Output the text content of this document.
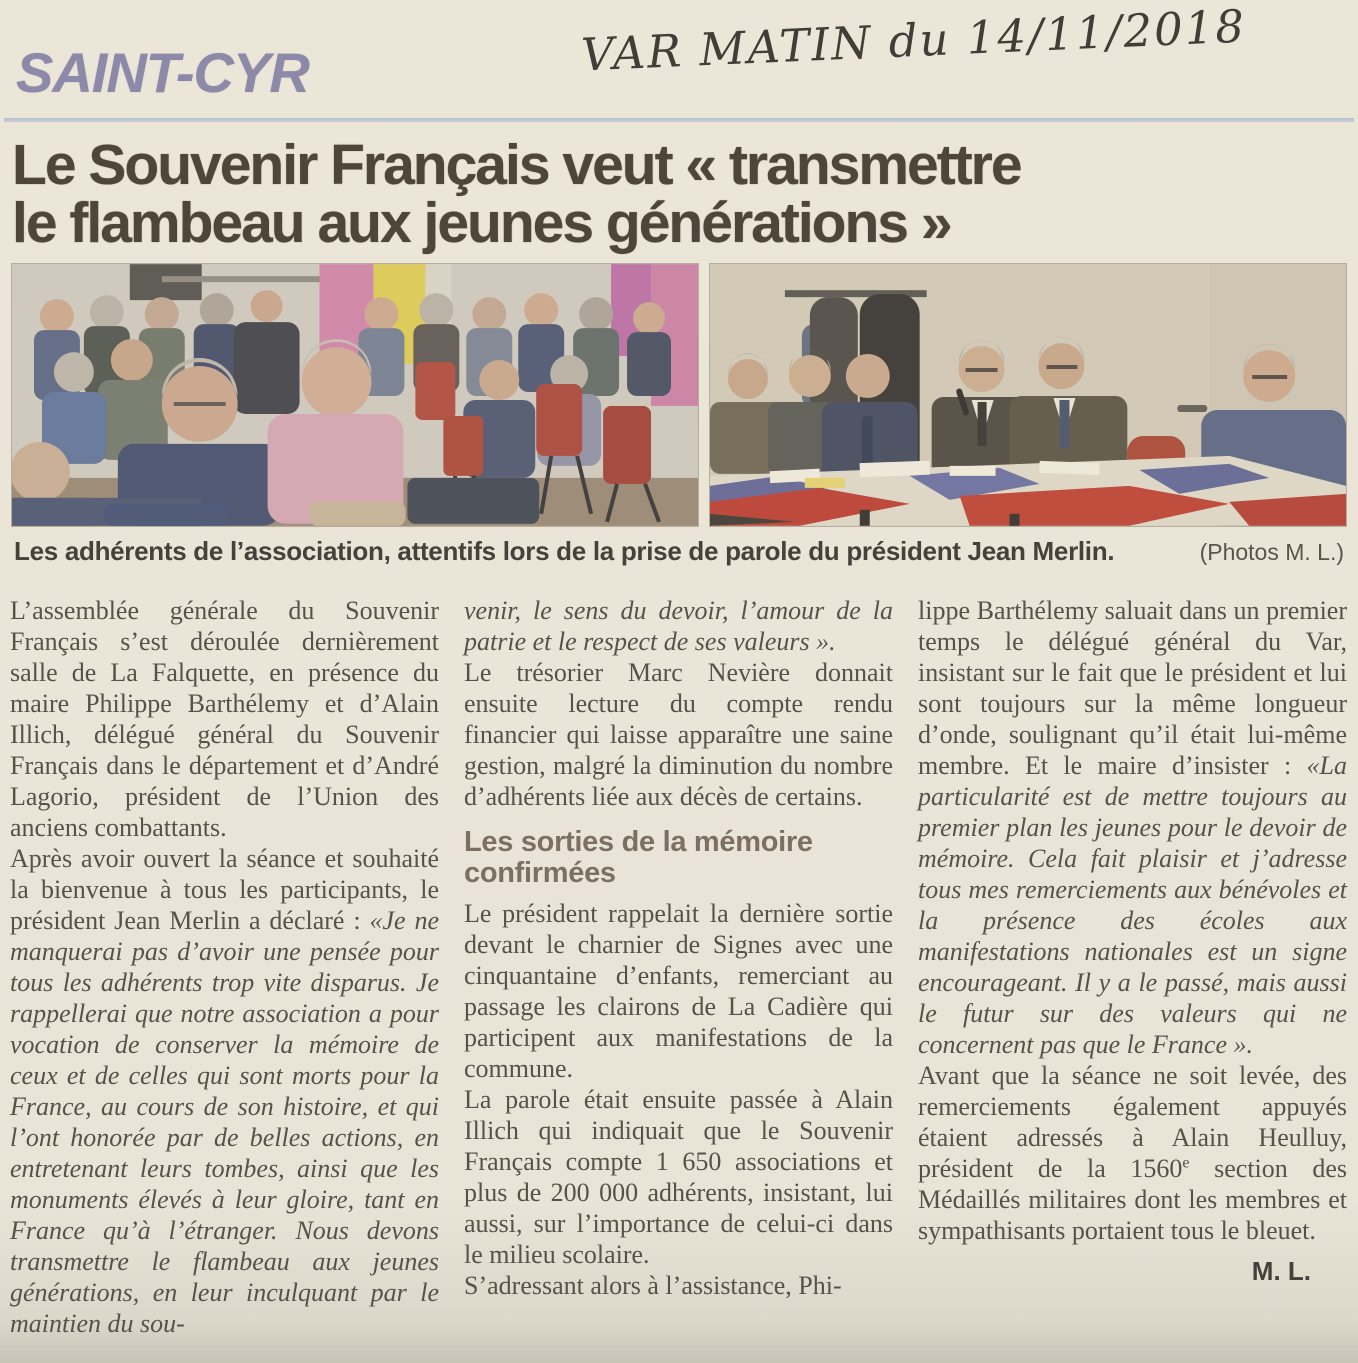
SAINT-CYR	VAR MATIN du 14/11/2018
Le Souvenir Français veut « transmettre
le flambeau aux jeunes générations »
Les adhérents de l’association, attentifs lors de la prise de parole du président Jean Merlin.	(Photos M. L.)

L’assemblée générale du Souvenir Français s’est déroulée dernièrement salle de La Falquette, en présence du maire Philippe Barthélemy et d’Alain Illich, délégué général du Souvenir Français dans le département et d’André Lagorio, président de l’Union des anciens combattants.

Après avoir ouvert la séance et souhaité la bienvenue à tous les participants, le président Jean Merlin a déclaré : «Je ne manquerai pas d’avoir une pensée pour tous les adhérents trop vite disparus. Je rappellerai que notre association a pour vocation de conserver la mémoire de ceux et de celles qui sont morts pour la France, au cours de son histoire, et qui l’ont honorée par de belles actions, en entretenant leurs tombes, ainsi que les monuments élevés à leur gloire, tant en France qu’à l’étranger. Nous devons transmettre le flambeau aux jeunes générations, en leur inculquant par le maintien du sou-

venir, le sens du devoir, l’amour de la patrie et le respect de ses valeurs ».

Le trésorier Marc Nevière donnait ensuite lecture du compte rendu financier qui laisse apparaître une saine gestion, malgré la diminution du nombre d’adhérents liée aux décès de certains.

Les sorties de la mémoire confirmées

Le président rappelait la dernière sortie devant le charnier de Signes avec une cinquantaine d’enfants, remerciant au passage les clairons de La Cadière qui participent aux manifestations de la commune.

La parole était ensuite passée à Alain Illich qui indiquait que le Souvenir Français compte 1 650 associations et plus de 200 000 adhérents, insistant, lui aussi, sur l’importance de celui-ci dans le milieu scolaire.

S’adressant alors à l’assistance, Phi-

lippe Barthélemy saluait dans un premier temps le délégué général du Var, insistant sur le fait que le président et lui sont toujours sur la même longueur d’onde, soulignant qu’il était lui-même membre. Et le maire d’insister : «La particularité est de mettre toujours au premier plan les jeunes pour le devoir de mémoire. Cela fait plaisir et j’adresse tous mes remerciements aux bénévoles et la présence des écoles aux manifestations nationales est un signe encourageant. Il y a le passé, mais aussi le futur sur des valeurs qui ne concernent pas que le France ».

Avant que la séance ne soit levée, des remerciements également appuyés étaient adressés à Alain Heulluy, président de la 1560e section des Médaillés militaires dont les membres et sympathisants portaient tous le bleuet.

M. L.
